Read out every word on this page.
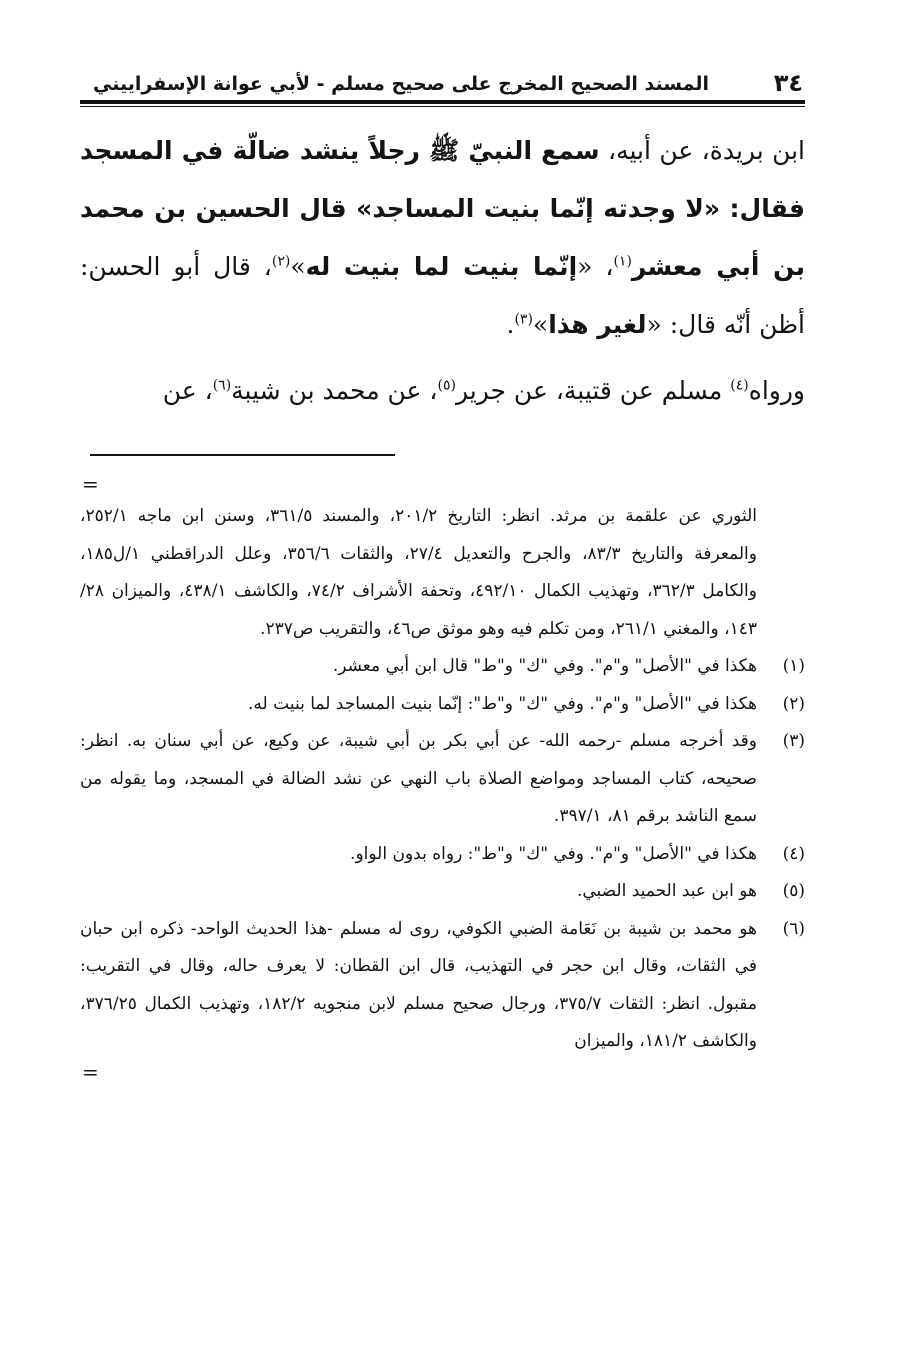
٣٤
المسند الصحيح المخرج على صحيح مسلم - لأبي عوانة الإسفراييني

ابن بريدة، عن أبيه، سمع النبيّ ﷺ رجلاً ينشد ضالّة في المسجد فقال: «لا وجدته إنّما بنيت المساجد» قال الحسين بن محمد بن أبي معشر$^{(١)}$، «إنّما بنيت لما بنيت له»$^{(٢)}$، قال أبو الحسن: أظن أنّه قال: «لغير هذا»$^{(٣)}$.

ورواه$^{(٤)}$ مسلم عن قتيبة، عن جرير$^{(٥)}$، عن محمد بن شيبة$^{(٦)}$، عن

=
الثوري عن علقمة بن مرثد. انظر: التاريخ ٢٠١/٢، والمسند ٣٦١/٥، وسنن ابن ماجه ٢٥٢/١، والمعرفة والتاريخ ٨٣/٣، والجرح والتعديل ٢٧/٤، والثقات ٣٥٦/٦، وعلل الدراقطني ١/ل١٨٥، والكامل ٣٦٢/٣، وتهذيب الكمال ٤٩٢/١٠، وتحفة الأشراف ٧٤/٢، والكاشف ٤٣٨/١، والميزان ٢٨/ ١٤٣، والمغني ٢٦١/١، ومن تكلم فيه وهو موثق ص٤٦، والتقريب ص٢٣٧.
(١)
هكذا في "الأصل" و"م". وفي "ك" و"ط" قال ابن أبي معشر.
(٢)
هكذا في "الأصل" و"م". وفي "ك" و"ط": إنّما بنيت المساجد لما بنيت له.
(٣)
وقد أخرجه مسلم -رحمه الله- عن أبي بكر بن أبي شيبة، عن وكيع، عن أبي سنان به. انظر: صحيحه، كتاب المساجد ومواضع الصلاة باب النهي عن نشد الضالة في المسجد، وما يقوله من سمع الناشد برقم ٨١، ٣٩٧/١.
(٤)
هكذا في "الأصل" و"م". وفي "ك" و"ط": رواه بدون الواو.
(٥)
هو ابن عبد الحميد الضبي.
(٦)
هو محمد بن شيبة بن نَعَامة الضبي الكوفي، روى له مسلم -هذا الحديث الواحد- ذكره ابن حبان في الثقات، وقال ابن حجر في التهذيب، قال ابن القطان: لا يعرف حاله، وقال في التقريب: مقبول. انظر: الثقات ٣٧٥/٧، ورجال صحيح مسلم لابن منجويه ١٨٢/٢، وتهذيب الكمال ٣٧٦/٢٥، والكاشف ١٨١/٢، والميزان
=
